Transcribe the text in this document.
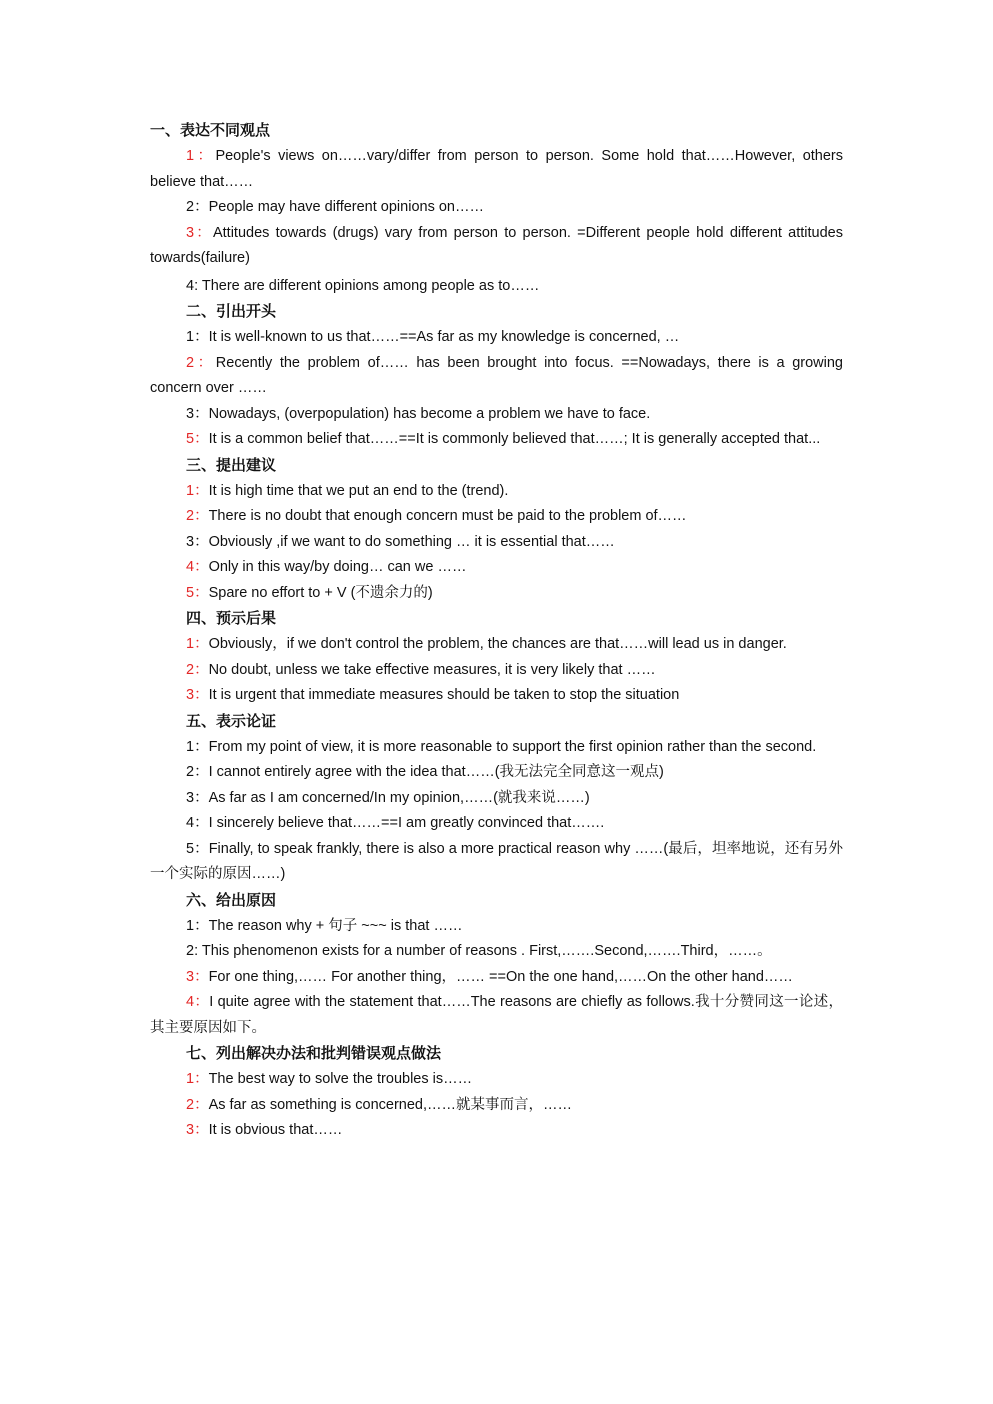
一、表达不同观点

1：People's views on……vary/differ from person to person. Some hold that……However, others believe that……

2：People may have different opinions on……

3：Attitudes towards (drugs) vary from person to person. =Different people hold different attitudes towards(failure)

4: There are different opinions among people as to……

二、引出开头

1：It is well-known to us that……==As far as my knowledge is concerned, …

2：Recently the problem of…… has been brought into focus. ==Nowadays, there is a growing concern over ……

3：Nowadays, (overpopulation) has become a problem we have to face.

5：It is a common belief that……==It is commonly believed that……; It is generally accepted that...

三、提出建议

1：It is high time that we put an end to the (trend).

2：There is no doubt that enough concern must be paid to the problem of……

3：Obviously ,if we want to do something … it is essential that……

4：Only in this way/by doing… can we ……

5：Spare no effort to + V (不遗余力的)

四、预示后果

1：Obviously，if we don't control the problem, the chances are that……will lead us in danger.

2：No doubt, unless we take effective measures, it is very likely that ……

3：It is urgent that immediate measures should be taken to stop the situation

五、表示论证

1：From my point of view, it is more reasonable to support the first opinion rather than the second.

2：I cannot entirely agree with the idea that……(我无法完全同意这一观点)

3：As far as I am concerned/In my opinion,……(就我来说……)

4：I sincerely believe that……==I am greatly convinced that…….

5：Finally, to speak frankly, there is also a more practical reason why ……(最后，坦率地说，还有另外一个实际的原因……)

六、给出原因

1：The reason why + 句子 ~~~ is that ……

2: This phenomenon exists for a number of reasons . First,…….Second,…….Third，……。

3：For one thing,…… For another thing，…… ==On the one hand,……On the other hand……

4：I quite agree with the statement that……The reasons are chiefly as follows.我十分赞同这一论述，其主要原因如下。

七、列出解决办法和批判错误观点做法

1：The best way to solve the troubles is……

2：As far as something is concerned,……就某事而言，……

3：It is obvious that……
